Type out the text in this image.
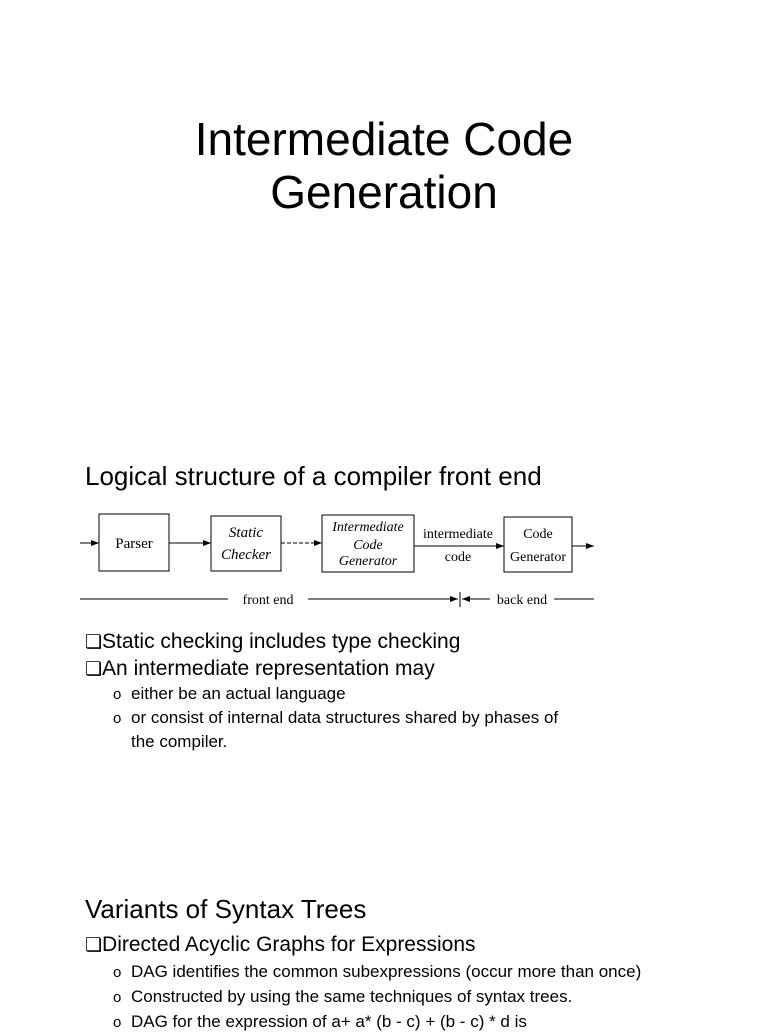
Intermediate Code
Generation
Logical structure of a compiler front end
Parser
Static
Checker
Intermediate
Code
Generator
intermediate
code
Code
Generator
front end	back end
❏Static checking includes type checking
❏An intermediate representation may
o either be an actual language
o or consist of internal data structures shared by phases of
the compiler.
Variants of Syntax Trees
❏Directed Acyclic Graphs for Expressions
o DAG identifies the common subexpressions (occur more than once)
o Constructed by using the same techniques of syntax trees.
o DAG for the expression of a+ a* (b - c) + (b - c) * d is
